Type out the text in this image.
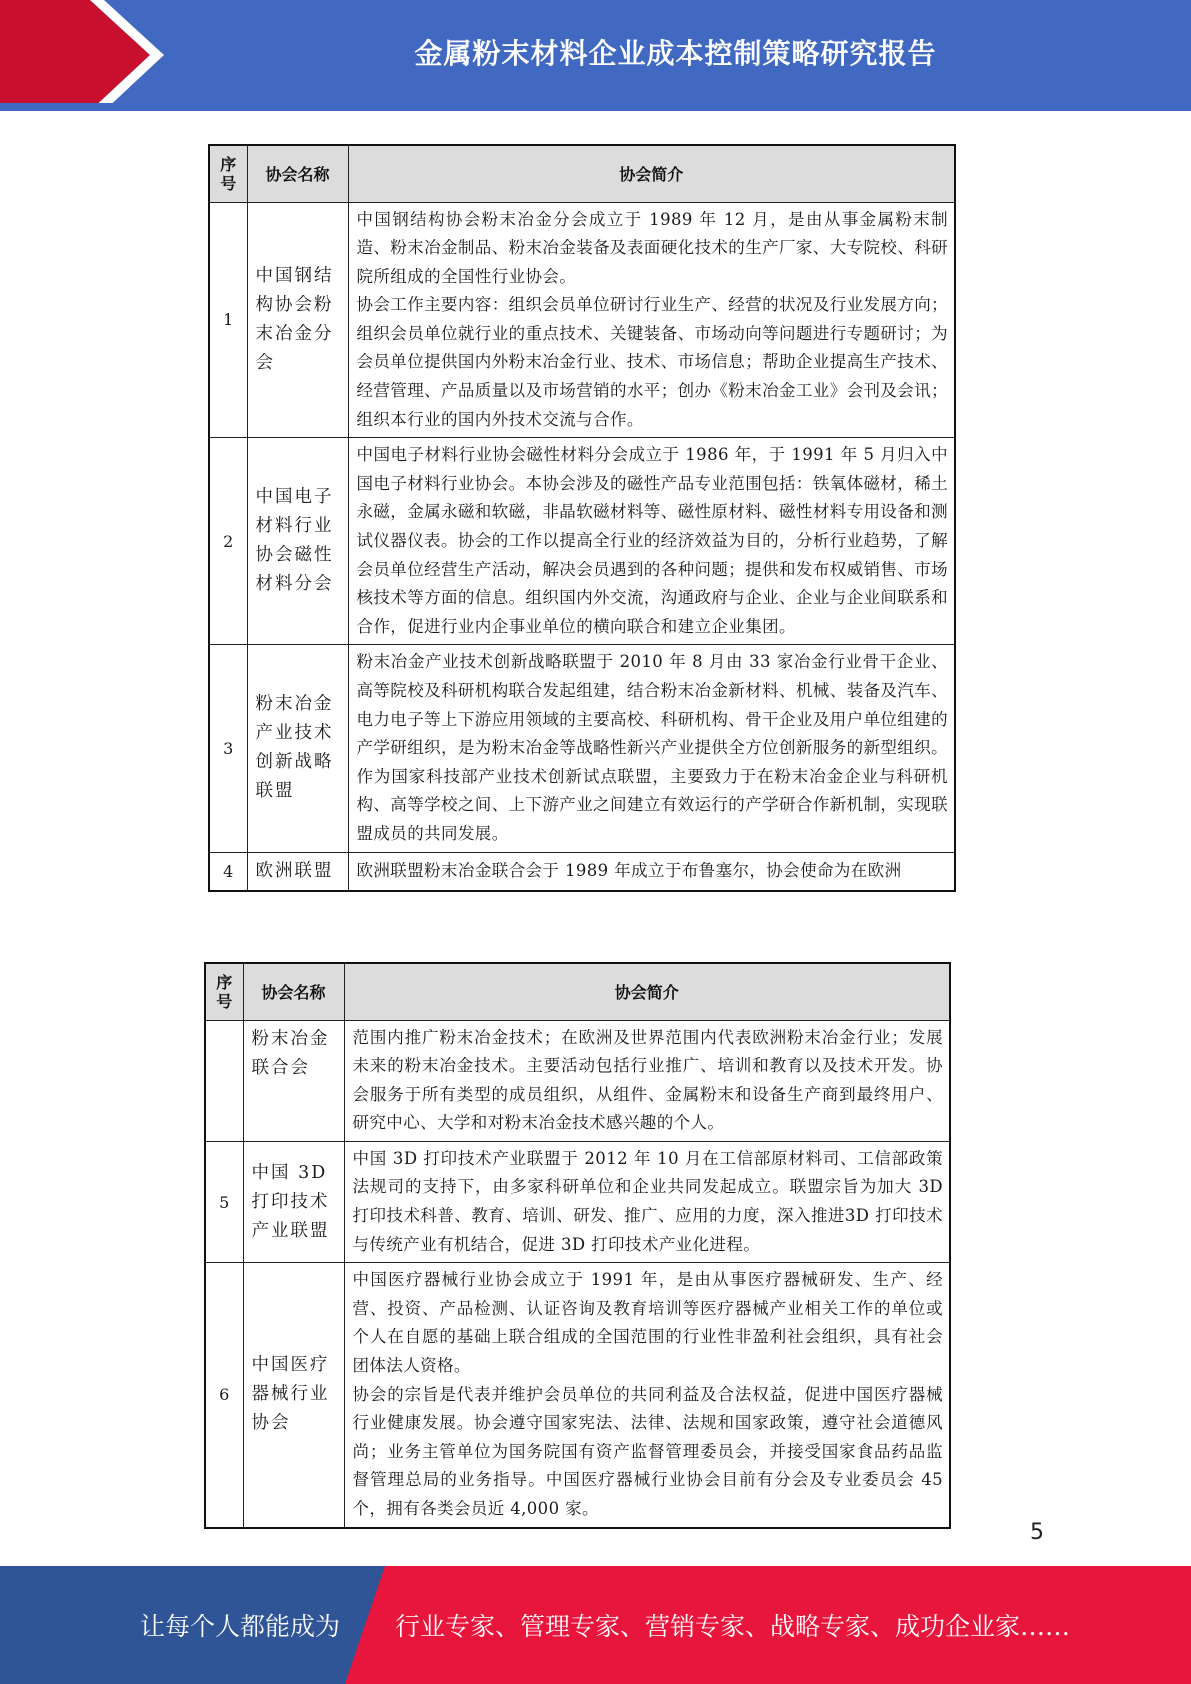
金属粉末材料企业成本控制策略研究报告
序号	协会名称	协会简介
1	中国钢结构协会粉末冶金分会	中国钢结构协会粉末冶金分会成立于 1989 年 12 月，是由从事金属粉末制造、粉末冶金制品、粉末冶金装备及表面硬化技术的生产厂家、大专院校、科研院所组成的全国性行业协会。
协会工作主要内容：组织会员单位研讨行业生产、经营的状况及行业发展方向；组织会员单位就行业的重点技术、关键装备、市场动向等问题进行专题研讨；为会员单位提供国内外粉末冶金行业、技术、市场信息；帮助企业提高生产技术、经营管理、产品质量以及市场营销的水平；创办《粉末冶金工业》会刊及会讯；组织本行业的国内外技术交流与合作。

2	中国电子材料行业协会磁性材料分会	中国电子材料行业协会磁性材料分会成立于 1986 年，于 1991 年 5 月归入中国电子材料行业协会。本协会涉及的磁性产品专业范围包括：铁氧体磁材，稀土永磁，金属永磁和软磁，非晶软磁材料等、磁性原材料、磁性材料专用设备和测试仪器仪表。协会的工作以提高全行业的经济效益为目的，分析行业趋势，了解会员单位经营生产活动，解决会员遇到的各种问题；提供和发布权威销售、市场核技术等方面的信息。组织国内外交流，沟通政府与企业、企业与企业间联系和合作，促进行业内企事业单位的横向联合和建立企业集团。

3	粉末冶金产业技术创新战略联盟	粉末冶金产业技术创新战略联盟于 2010 年 8 月由 33 家冶金行业骨干企业、高等院校及科研机构联合发起组建，结合粉末冶金新材料、机械、装备及汽车、电力电子等上下游应用领域的主要高校、科研机构、骨干企业及用户单位组建的产学研组织，是为粉末冶金等战略性新兴产业提供全方位创新服务的新型组织。作为国家科技部产业技术创新试点联盟，主要致力于在粉末冶金企业与科研机构、高等学校之间、上下游产业之间建立有效运行的产学研合作新机制，实现联盟成员的共同发展。

4	欧洲联盟	欧洲联盟粉末冶金联合会于 1989 年成立于布鲁塞尔，协会使命为在欧洲
序号	协会名称	协会简介
	粉末冶金联合会	范围内推广粉末冶金技术；在欧洲及世界范围内代表欧洲粉末冶金行业；发展未来的粉末冶金技术。主要活动包括行业推广、培训和教育以及技术开发。协会服务于所有类型的成员组织，从组件、金属粉末和设备生产商到最终用户、研究中心、大学和对粉末冶金技术感兴趣的个人。

5	中国 3D 打印技术产业联盟	中国 3D 打印技术产业联盟于 2012 年 10 月在工信部原材料司、工信部政策法规司的支持下，由多家科研单位和企业共同发起成立。联盟宗旨为加大 3D 打印技术科普、教育、培训、研发、推广、应用的力度，深入推进3D 打印技术与传统产业有机结合，促进 3D 打印技术产业化进程。

6	中国医疗器械行业协会	中国医疗器械行业协会成立于 1991 年，是由从事医疗器械研发、生产、经营、投资、产品检测、认证咨询及教育培训等医疗器械产业相关工作的单位或个人在自愿的基础上联合组成的全国范围的行业性非盈利社会组织，具有社会团体法人资格。
协会的宗旨是代表并维护会员单位的共同利益及合法权益，促进中国医疗器械行业健康发展。协会遵守国家宪法、法律、法规和国家政策，遵守社会道德风尚；业务主管单位为国务院国有资产监督管理委员会，并接受国家食品药品监督管理总局的业务指导。中国医疗器械行业协会目前有分会及专业委员会 45 个，拥有各类会员近 4,000 家。
5
让每个人都能成为 行业专家、管理专家、营销专家、战略专家、成功企业家……
